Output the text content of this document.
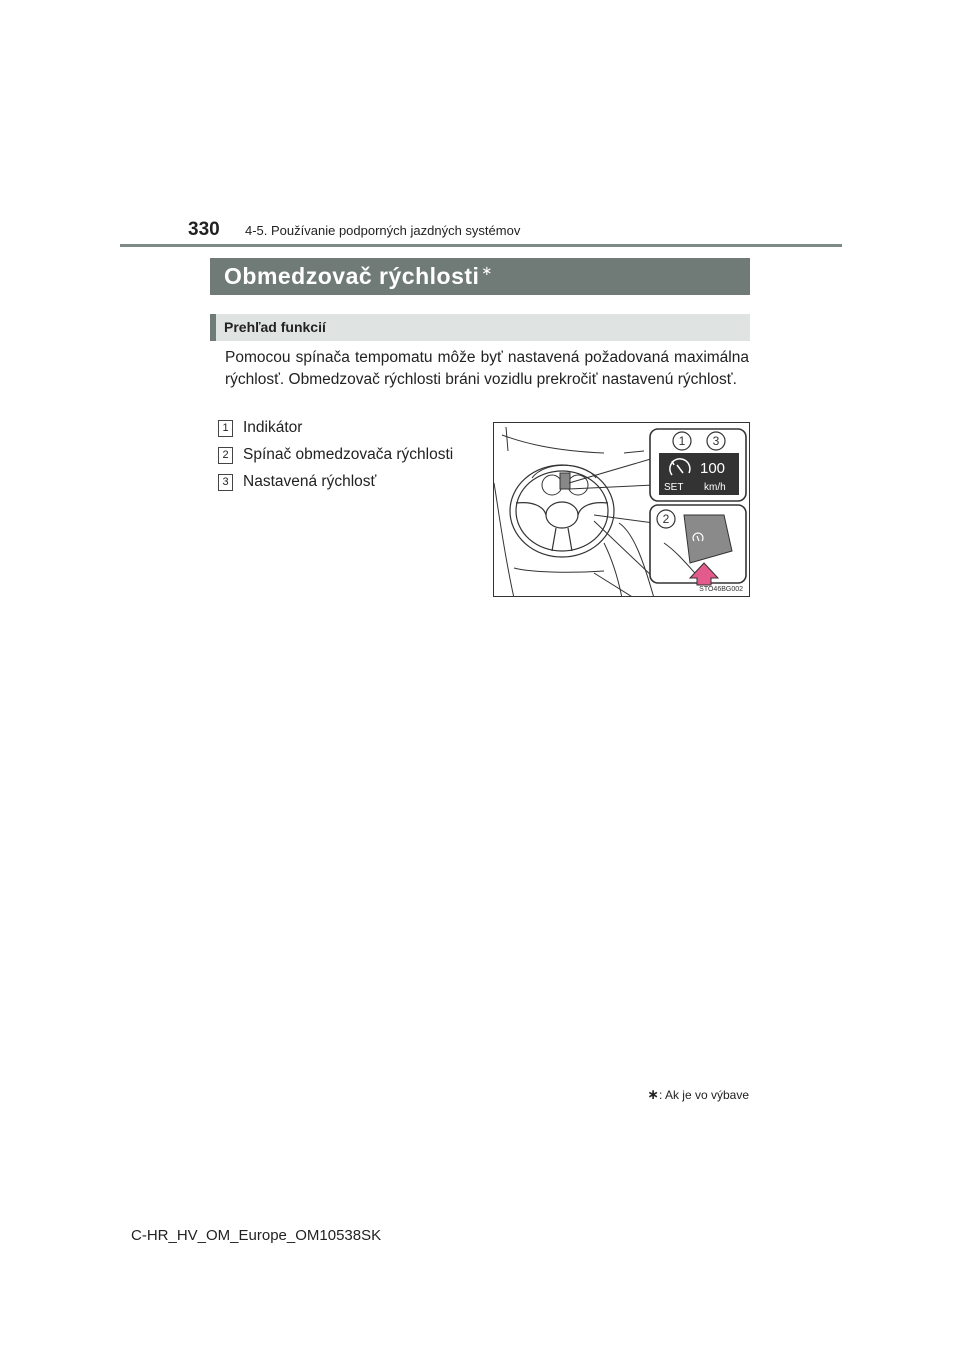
330 4-5. Používanie podporných jazdných systémov
Obmedzovač rýchlosti ∗
Prehľad funkcií
Pomocou spínača tempomatu môže byť nastavená požadovaná maximálna rýchlosť. Obmedzovač rýchlosti bráni vozidlu prekročiť nastavenú rýchlosť.
1 Indikátor
2 Spínač obmedzovača rýchlosti
3 Nastavená rýchlosť
1 3
2
100
SET km/h
STO46BG002
∗: Ak je vo výbave
C-HR_HV_OM_Europe_OM10538SK
